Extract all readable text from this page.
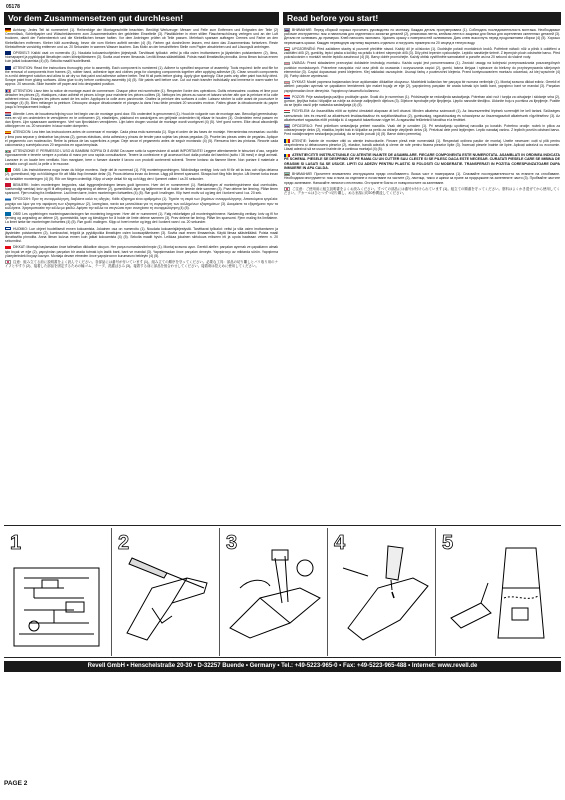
05178
Vor dem Zusammensetzen gut durchlesen!	Read before you start!

Achtung: Jedes Teil ist nummeriert (1). Reihenfolge der Montageschritte beachten. Benötigt Werkzeuge: Messer und Feile zum Entfernen und Entgraten der Teile (2) Cementlack, Schleifpapier und Wäscheklammern zum Zusammenhalten der geklebten Einzelteile (3). Plastikkleber in einer stillen Flaschenschönung verlegen und an der Luft trocknen, damit der Farbenbereich und die Klebeflächen besser haften. Vor dem Anbringen prüfen ob Teile passen. Mehrfach sparsam auftragen Cremes und Farbe an den Klebeflächen entfernen. Kleber hält zuverlässig, bevor die vom Kleben auftritt werden (4) (5). Farben gut durchrühren lassen, erst dann das Zusammenbau fortsetzen. Reste Klebstoffreste vorsichtig entfernen und ca. 20 Sekunden in warmes Wasser tauchen. Das Motiv an der beschrifteten Stelle vom Papier abschieben und auf Lösungsöl anbringen.

OPISKELT: Kaikki osat on numeroitu (1). Noudata kokoamisohjeiden järjestystä. Tarvittavat työkalut: veitsi ja viila osien irrottamiseen ja jäysteiden poistamiseen (2), liima, hiomapaperi ja pyykkipojat liimattujen osien kiinnipitämiseen (3). Sovita osat ennen liimausta. Levitä liimaa säästeliäästi. Poista maali liimattavilta pinnoilta. Anna liiman kuivua ennen kuin jatkat kokoamista (4) (5). Sekoita maalit huolellisesti.

ATTENTION: Read the instructions thoroughly prior to assembly. Each component is numbered (1). Adhere to specified sequence of assembly. Tools required: knife and file for the removal of components from frames (2), rubber band, adhesive tape and clothes pegs for clamping components together after applying adhesive (3). Clean smooth components in a mild detergent solution and allow to air dry so that paint and adhesive adhere better. Test fit all parts before gluing. Apply glue sparingly. Glue parts only after paint has fully dried. Scrape paint from gluing surfaces. Allow glue to dry before continuing assembly (4) (5). Stir paints well before use. Cut out each transfer individually and immerse in warm water for approx. 20 seconds. Slide transfer off paper and into designated position.

ATTENTION: Lisez bien la notice de montage avant de commencer. Chaque pièce est numérotée (1). Respecter l'ordre des opérations. Outils nécessaires: couteau et lime pour détacher les pièces (2), élastiques, ruban adhésif et pinces à linge pour maintenir les pièces collées (3). Nettoyez les pièces au savon et laissez sécher afin que la peinture et la colle adhèrent mieux. Essayez les pièces avant de les coller. Appliquez la colle avec parcimonie. Grattez la peinture des surfaces à coller. Laissez sécher la colle avant de poursuivre le montage (4) (5). Bien mélanger la peinture. Découpez chaque décalcomanie et plongez-la dans l'eau tiède pendant 20 secondes environ. Faites glisser la décalcomanie du papier jusqu'à l'emplacement indiqué.

Attentie: Lees de bouwbeschrijving voor het begin van de montage goed door. Elk onderdeel is genummerd (1). Houd de volgorde van de montage aan. Benodigd gereedschap: mes en vijl om onderdelen te verwijderen en te ontbramen (2), elastiekjes, plakband en wasknijpers om gelijmde onderdelen bij elkaar te houden (3). Onderdelen eerst passen en dan lijmen. Lijm spaarzaam aanbrengen. Verf van lijmvlakken verwijderen. Lijm laten drogen voordat de montage wordt voortgezet (4) (5). Verf goed roeren. Elke decal afzonderlijk uitknippen en ca. 20 seconden in lauw water dompelen.

ATENCION: Lea bien las instrucciones antes de comenzar el montaje. Cada pieza está numerada (1). Siga el orden de las fases de montaje. Herramientas necesarias: cuchillo y lima para separar y desbarbar las piezas (2), gomas elásticas, cinta adhesiva y pinzas de tender para sujetar las piezas pegadas (3). Pruebe las piezas antes de pegarlas. Aplique el pegamento con moderación. Retire la pintura de las superficies a pegar. Deje secar el pegamento antes de seguir montando (4) (5). Remueva bien las pinturas. Recorte cada calcomanía y sumérjala unos 20 segundos en agua templada.

ATTENZIONE! E' PERMESSO L'USO AI BAMBINI SOPRA DI 8 ANNI! Da usare sotto la supervisione di adulti IMPORTANTE! Leggere attentamente le istruzioni d'uso, seguirle rigorosamente e tenerle sempre a portata di mano per una rapida consultazione. Tenere la confezione e gli accessori fuori dalla portata dei bambini (sotto i 36 mesi) e degli animali. Lavorare in un locale ben ventilato. Non mangiare, bere o fumare durante il lavoro con prodotti contenenti solventi. Tenere lontano da fiamme libere. Non portare il materiale a contatto con gli occhi, la pelle o le mucose.

OBS: Läs instruktionerna noga innan du börjar montera. Varje del är numrerad (1). Följ monteringsordningen. Nödvändiga verktyg: kniv och fil för att ta loss och slipa delarna (2), gummiband, tejp och klädnypor för att hålla ihop limmade delar (3). Prova delarna innan du limmar. Lägg på limmet sparsamt. Skrapa bort färg från limytor. Låt limmet torka innan du fortsätter monteringen (4) (5). Rör om färgen ordentligt. Klipp ut varje dekal för sig och lägg den i ljummet vatten i ca 20 sekunder.

BEMÆRK: Inden monteringen begyndes, skal byggevejledningen læses godt igennem. Hver del er nummereret (1). Rækkefølgen af monteringstrinene skal overholdes. Nødvendigt værktøj: kniv og fil til afbrydning og afgratning af delene (2), gummibånd, tape og tøjklemmer til at holde de limede dele sammen (3). Prøv delene før limning. Påfør limen sparsomt. Fjern maling fra limfladerne. Lad limen tørre, inden monteringen fortsættes (4) (5). Rør godt i malingen. Klip hvert motiv ud og læg det i lunkent vand i ca. 20 sek.

ΠΡΟΣΟΧΗ: Πριν τη συναρμολόγηση, διαβάστε καλά τις οδηγίες. Κάθε εξάρτημα είναι αριθμημένο (1). Τηρείτε τη σειρά των βημάτων συναρμολόγησης. Απαιτούμενα εργαλεία: μαχαίρι και λίμα για την αφαίρεση των εξαρτημάτων (2), λαστιχάκια, ταινία και μανταλάκια για τη συγκράτηση των κολλημένων εξαρτημάτων (3). Δοκιμάστε τα εξαρτήματα πριν τα κολλήσετε. Χρησιμοποιείτε την κόλλα με φειδώ. Αφήστε την κόλλα να στεγνώσει πριν συνεχίσετε τη συναρμολόγηση (4) (5).

OBS! Les oppfeiringen monteringsanvisningen før montering begynner. Hver del er nummerert (1). Følg rekkefølgen på monteringstrinnene. Nødvendig verktøy: kniv og fil for fjerning og avgrading av delene (2), gummistrikk, tape og klesklyper for å holde de limte delene sammen (3). Prøv delene før liming. Påfør lim sparsomt. Fjern maling fra limflatene. La limet tørke før monteringen fortsettes (4) (5). Rør godt i malingen. Klipp ut hvert merke og legg det i lunkent vann i ca. 20 sekunder.

HUOMIO: Lue ohjeet huolellisesti ennen kokoamista. Jokainen osa on numeroitu (1). Noudata kokoamisjärjestystä. Tarvittavat työkalut: veitsi ja viila osien irrottamiseen ja jäysteiden poistamiseen (2), kuminauhat, teippiä ja pyykkipoikia liimattujen osien koossapitämiseen (3). Sovita osat ennen liimaamista. Käytä liimaa säästeliäästi. Poista maali liimattavilta pinnoilta. Anna liiman kuivua ennen kuin jatkat kokoamista (4) (5). Sekoita maalit hyvin. Leikkaa jokainen siirtokuva erikseen irti ja upota haaleaan veteen n. 20 sekunniksi.

DİKKAT: Montaja başlamadan önce talimatları dikkatlice okuyun. Her parça numaralandırılmıştır (1). Montaj sırasına uyun. Gerekli aletler: parçaları ayırmak ve çapaklarını almak için bıçak ve eğe (2), yapıştırılan parçaları bir arada tutmak için lastik bant, bant ve mandal (3). Yapıştırmadan önce parçaları deneyin. Yapıştırıcıyı az miktarda sürün. Yapıştırma yüzeylerindeki boyayı kazıyın. Montaja devam etmeden önce yapıştırıcının kurumasını bekleyin (4) (5).

注意：組み立てる前に説明書をよく読んでください。各部品には番号が付いています (1)。組み立ての順序を守ってください。必要な工具：部品の切り離しとバリ取り用のナイフとやすり (2)、接着した部品を固定するための輪ゴム、テープ、洗濯ばさみ (3)。接着する前に部品を仮合わせしてください。接着剤は控えめに使用してください。

ВНИМАНИЕ: Перед сборкой хорошо прочитать руководство по монтажу. Каждая деталь пронумерована (1). Соблюдать последовательность монтажа. Необходимые рабочие инструменты: нож и напильник для отделения и зачистки деталей (2), резиновая лента, клейкая лента и защипки для белья для скрепления склеенных деталей (3). Детали не склеивать до примерки. Клей наносить экономно. Удалить краску с поверхностей склеивания. Дать клею высохнуть перед продолжением сборки (4) (5). Хорошо перемешать краски. Каждую переводную картинку вырезать отдельно и погрузить примерно на 20 секунд в теплую воду.

UPOZORNĚNÍ: Před začátkem stavby si pozorně přečtěte návod. Každý díl je očíslován (1). Dodržujte pořadí montážních kroků. Potřebné nářadí: nůž a pilník k oddělení a začištění dílů (2), gumičky, lepicí páska a kolíčky na prádlo k držení slepených dílů (3). Díly před lepením vyzkoušejte. Lepidlo nanášejte šetrně. Z lepených ploch odstraňte barvu. Před pokračováním v montáži nechte lepidlo zaschnout (4) (5). Barvy dobře promíchejte. Každý obtisk vystřihněte samostatně a ponořte asi na 20 sekund do vlažné vody.

UWAGA: Przed składaniem przeczytać dokładnie instrukcję montażu. Każda część jest ponumerowana (1). Zwrócić uwagę na kolejność przeprowadzania poszczególnych punktów montażowych. Potrzebne narzędzia: nóż oraz pilnik do usuwania i oczyszczania części (2), gumki, taśma klejąca i spinacze do bielizny do przytrzymywania sklejonych elementów (3). Części dopasować przed klejeniem. Klej nakładać oszczędnie. Usunąć farbę z powierzchni klejenia. Przed kontynuowaniem montażu odczekać, aż klej wyschnie (4) (5). Farby dobrze wymieszać.

DYKKAT: Model yapımına başlamadan önce açıklamaları dikkatlice okuyunuz. Modeldeki kullanılan her parçaya bir numara verilmiştir (1). Montaj sırasına dikkat ediniz. Gerekli el aletleri: parçaları ayırmak ve çapaklarını temizlemek için maket bıçağı ve eğe (2), yapıştırılmış parçaları bir arada tutmak için lastik bant, yapıştırıcı bant ve mandal (3). Parçaları yapıştırmadan önce deneyiniz. Yapıştırıcıyı tasarruflu kullanınız.

POZOR: Prije sastavljanja pažljivo pročitajte upute. Svaki dio je numeriran (1). Pridržavajte se redoslijeda sastavljanja. Potreban alat: nož i turpija za odvajanje i skidanje srha (2), gumice, ljepljiva traka i štipaljke za rublje za držanje zalijepljenih dijelova (3). Dijelove isprobajte prije lijepljenja. Ljepilo nanosite štedljivo. Uklonite boju s površina za lijepljenje. Pustite da se ljepilo osuši prije nastavka sastavljanja (4) (5).

FIGYELEM: Az összeállítás előtt az építési útmutatót alaposan át kell olvasni. Minden alkatrész számozott (1). Az összeszerelési lépések sorrendjét be kell tartani. Szükséges szerszámok: kés és reszelő az alkatrészek leválasztásához és sorjátlanításához (2), gumiszalag, ragasztószalag és ruhacsipesz az összeragasztott alkatrészek rögzítéséhez (3). Az alkatrészeket ragasztás előtt próbálja ki. A ragasztót takarékosan vigye fel. A ragasztási felületekről távolítsa el a festéket.

OPOZORILO: Pred pričetkom sestavljanja preberi navodila. Vsak del je označen (1). Pri sestavljanju upoštevaj navodila po korakih. Potrebno orodje: nožek in pilica za odstranjevanje delov (2), elastika, lepilni trak in ščipalke za perilo za držanje zlepljenih delov (3). Preizkusi dele pred lepljenjem. Lepilo nanašaj varčno. Z lepilnih površin odstrani barvo. Pred nadaljevanjem sestavljanja počakaj, da se lepilo posuši (4) (5). Barve dobro premešaj.

ATENȚIE: Înainte de montare citiți cu atenție instrucțiunile. Fiecare piesă este numerotată (1). Respectați ordinea pașilor de montaj. Unelte necesare: cuțit și pilă pentru desprinderea și debavurarea pieselor (2), elastice, bandă adezivă și cleme de rufe pentru fixarea pieselor lipite (3). Încercați piesele înainte de lipire. Aplicați adezivul cu economie. Lăsați adezivul să se usuce înainte de a continua montajul (4) (5).

ATENTIE!CITITI INSTRUCTIUNILE CU ATENTIE INAINTE DE ASAMBLARE. FIECARE COMPONENTA ESTE NUMEROTATA. ASAMBLATI IN ORDINEA INDICATA PE SCHEMA. PIESELE SE DESPRIND DE PE RAMA CU UN CUTTER SAU CLESTE SI SE PILESC DACA ESTE NECESAR. CURATATI PIESELE CARE SE IMBINA DE GRASIMI SI LASATI SA SE USUCE. LIPITI CU ADEZIV PENTRU PLASTIC SI FOLOSITI CU MODERATIE. TRANSFERATI IN POZITIA CORESPUNZATOARE DUPA INMUIERE IN APA CALDA.

ВНИМАНИЕ! Прочетете внимателно инструкцията преди сглобяването. Всяка част е номерирана (1). Спазвайте последователността на етапите на сглобяване. Необходими инструменти: нож и пила за отделяне и почистване на частите (2), ластици, тиксо и щипки за пране за придържане на залепените части (3). Пробвайте частите преди залепване. Нанасяйте лепилото пестеливо. Отстранете боята от повърхностите за залепване.

ご注意：ご使用前に組立説明書をよくお読みください。すべての部品には番号が付けられています (1)。組立ての順番を守ってください。塗料はよくかき混ぜてから使用してください。デカールはひとつずつ切り離し、ぬるま湯に約20秒間浸してください。

1	2	3	4	5
Revell GmbH • Henschelstraße 20-30 • D-32257 Buende • Germany • Tel.: +49-5223-965-0 • Fax: +49-5223-965-488 • Internet: www.revell.de
PAGE 2
